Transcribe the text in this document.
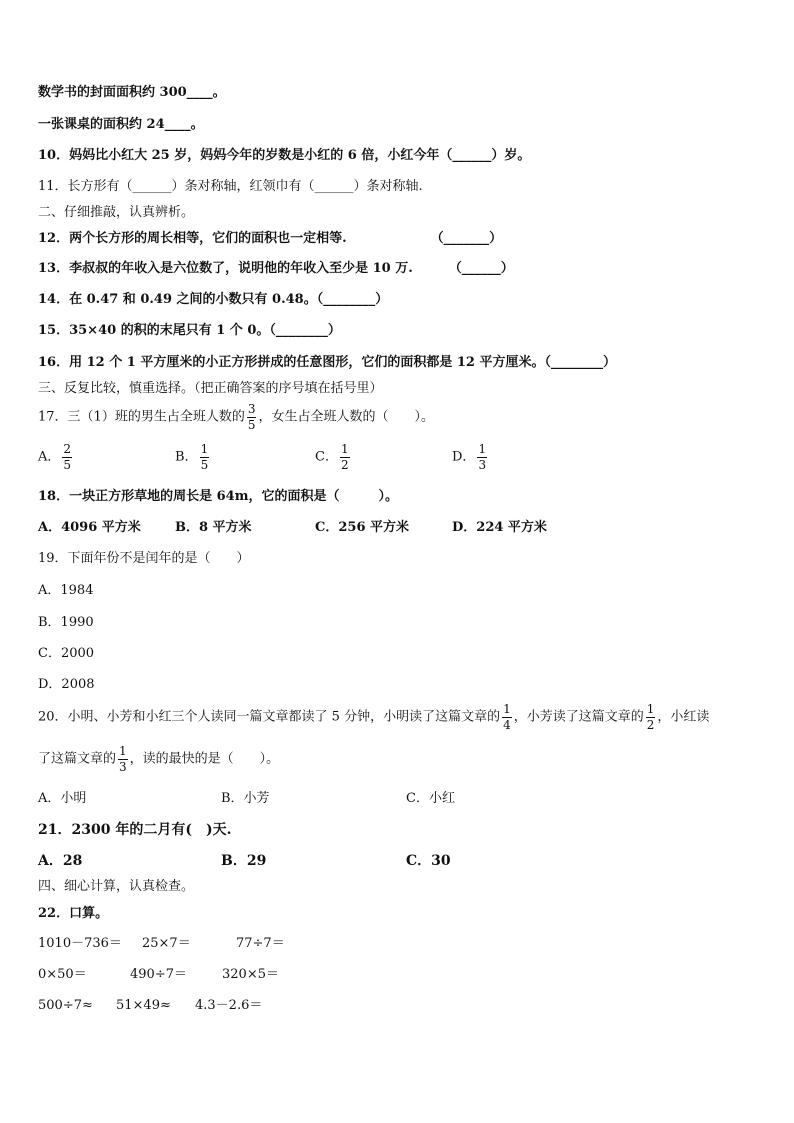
数学书的封面面积约 300____。
一张课桌的面积约 24____。
10．妈妈比小红大 25 岁，妈妈今年的岁数是小红的 6 倍，小红今年（______）岁。
11．长方形有（______）条对称轴，红领巾有（______）条对称轴.
二、仔细推敲，认真辨析。
12．两个长方形的周长相等，它们的面积也一定相等.	（_______）
13．李叔叔的年收入是六位数了，说明他的年收入至少是 10 万.	（______）
14．在 0.47 和 0.49 之间的小数只有 0.48。（________）
15．35×40 的积的末尾只有 1 个 0。（________）
16．用 12 个 1 平方厘米的小正方形拼成的任意图形，它们的面积都是 12 平方厘米。（________）
三、反复比较，慎重选择。（把正确答案的序号填在括号里）
17．三（1）班的男生占全班人数的 $\frac{3}{5}$ ，女生占全班人数的（　　）。
A． $\frac{2}{5}$	B． $\frac{1}{5}$	C． $\frac{1}{2}$	D． $\frac{1}{3}$
18．一块正方形草地的周长是 64m，它的面积是（　　　）。
A．4096 平方米	B．8 平方米	C．256 平方米	D．224 平方米
19．下面年份不是闰年的是（　　）
A．1984
B．1990
C．2000
D．2008
20．小明、小芳和小红三个人读同一篇文章都读了 5 分钟，小明读了这篇文章的 $\frac{1}{4}$ ，小芳读了这篇文章的 $\frac{1}{2}$ ，小红读
了这篇文章的 $\frac{1}{3}$ ，读的最快的是（　　）。
A．小明	B．小芳	C．小红
21．2300 年的二月有(　)天.
A．28	B．29	C．30
四、细心计算，认真检查。
22．口算。
1010－736＝ 25×7＝	77÷7＝
0×50＝	490÷7＝	320×5＝
500÷7≈ 51×49≈ 4.3－2.6＝
